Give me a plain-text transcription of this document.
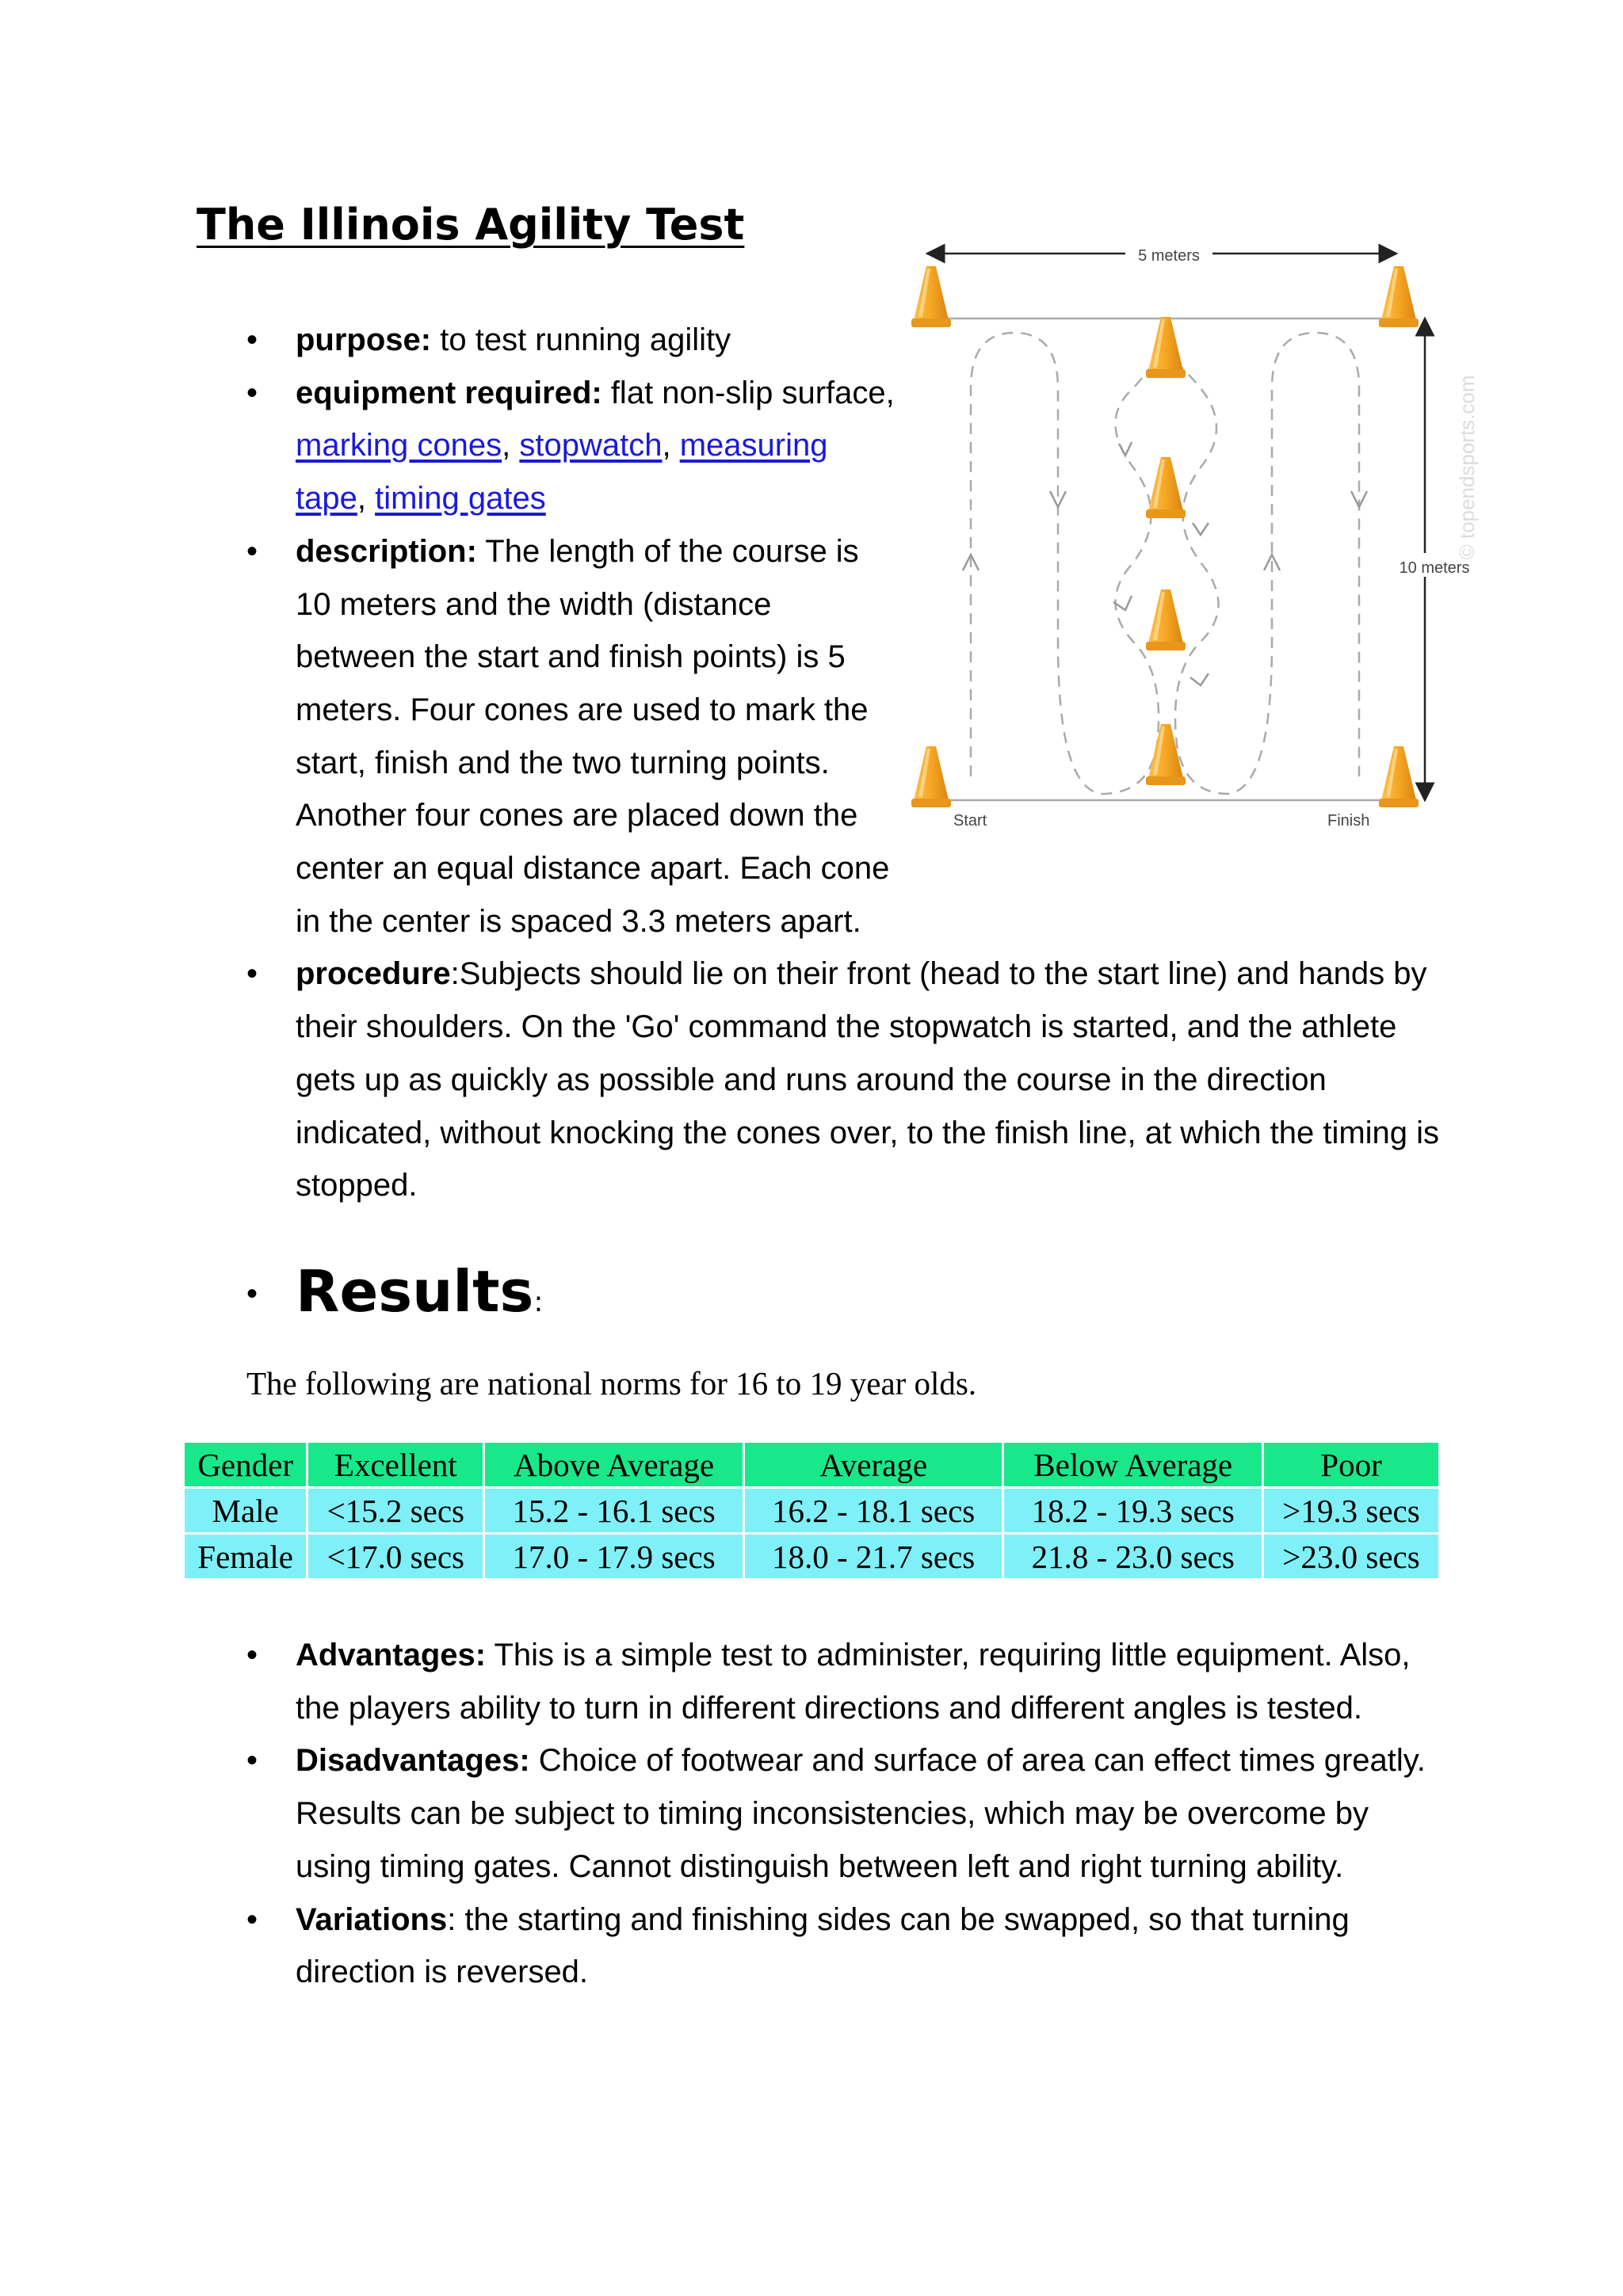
The Illinois Agility Test
• purpose: to test running agility
• equipment required: flat non-slip surface, marking cones, stopwatch, measuring tape, timing gates
• description: The length of the course is 10 meters and the width (distance between the start and finish points) is 5 meters. Four cones are used to mark the start, finish and the two turning points. Another four cones are placed down the center an equal distance apart. Each cone in the center is spaced 3.3 meters apart.
• procedure:Subjects should lie on their front (head to the start line) and hands by their shoulders. On the 'Go' command the stopwatch is started, and the athlete gets up as quickly as possible and runs around the course in the direction indicated, without knocking the cones over, to the finish line, at which the timing is stopped.
5 meters
10 meters
© topendsports.com
Start	Finish
• Results:

The following are national norms for 16 to 19 year olds.

Gender	Excellent	Above Average	Average	Below Average	Poor
Male	<15.2 secs	15.2 - 16.1 secs	16.2 - 18.1 secs	18.2 - 19.3 secs	>19.3 secs
Female	<17.0 secs	17.0 - 17.9 secs	18.0 - 21.7 secs	21.8 - 23.0 secs	>23.0 secs
• Advantages: This is a simple test to administer, requiring little equipment. Also, the players ability to turn in different directions and different angles is tested.
• Disadvantages: Choice of footwear and surface of area can effect times greatly. Results can be subject to timing inconsistencies, which may be overcome by using timing gates. Cannot distinguish between left and right turning ability.
• Variations: the starting and finishing sides can be swapped, so that turning direction is reversed.
